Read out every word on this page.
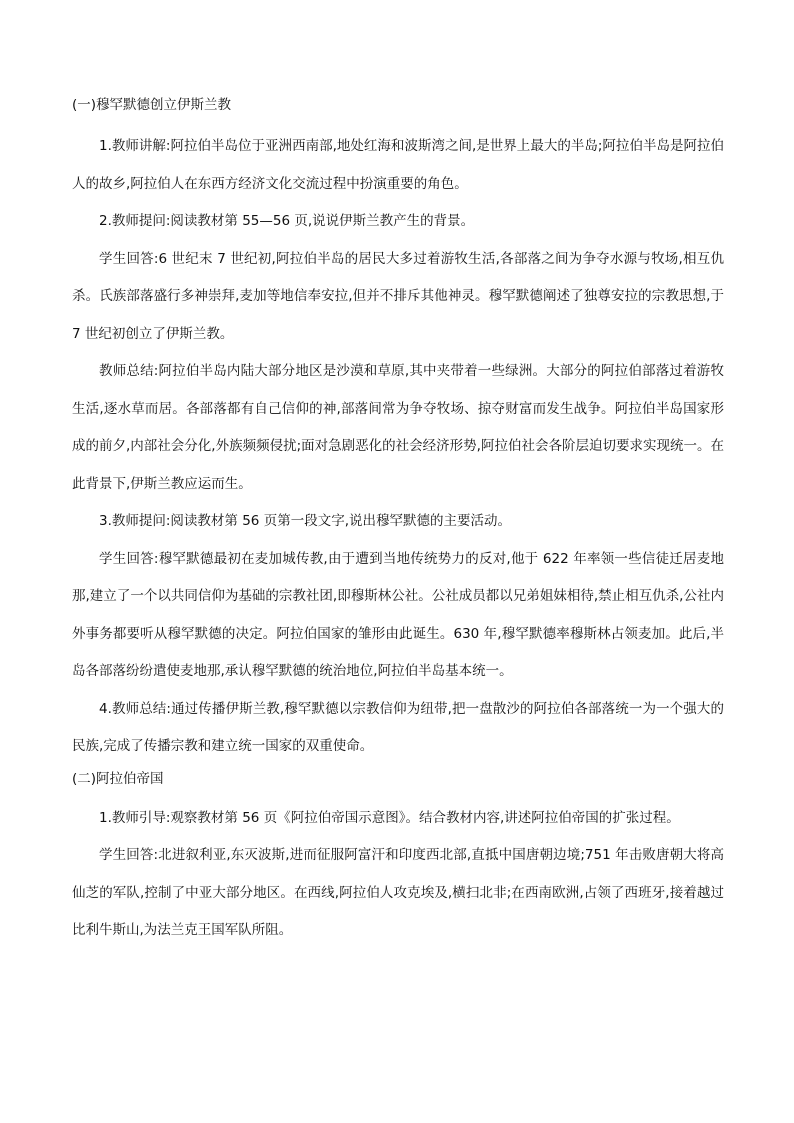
(一)穆罕默德创立伊斯兰教

1.教师讲解:阿拉伯半岛位于亚洲西南部,地处红海和波斯湾之间,是世界上最大的半岛;阿拉伯半岛是阿拉伯人的故乡,阿拉伯人在东西方经济文化交流过程中扮演重要的角色。

2.教师提问:阅读教材第 55—56 页,说说伊斯兰教产生的背景。

学生回答:6 世纪末 7 世纪初,阿拉伯半岛的居民大多过着游牧生活,各部落之间为争夺水源与牧场,相互仇杀。氏族部落盛行多神崇拜,麦加等地信奉安拉,但并不排斥其他神灵。穆罕默德阐述了独尊安拉的宗教思想,于 7 世纪初创立了伊斯兰教。

教师总结:阿拉伯半岛内陆大部分地区是沙漠和草原,其中夹带着一些绿洲。大部分的阿拉伯部落过着游牧生活,逐水草而居。各部落都有自己信仰的神,部落间常为争夺牧场、掠夺财富而发生战争。阿拉伯半岛国家形成的前夕,内部社会分化,外族频频侵扰;面对急剧恶化的社会经济形势,阿拉伯社会各阶层迫切要求实现统一。在此背景下,伊斯兰教应运而生。

3.教师提问:阅读教材第 56 页第一段文字,说出穆罕默德的主要活动。

学生回答:穆罕默德最初在麦加城传教,由于遭到当地传统势力的反对,他于 622 年率领一些信徒迁居麦地那,建立了一个以共同信仰为基础的宗教社团,即穆斯林公社。公社成员都以兄弟姐妹相待,禁止相互仇杀,公社内外事务都要听从穆罕默德的决定。阿拉伯国家的雏形由此诞生。630 年,穆罕默德率穆斯林占领麦加。此后,半岛各部落纷纷遣使麦地那,承认穆罕默德的统治地位,阿拉伯半岛基本统一。

4.教师总结:通过传播伊斯兰教,穆罕默德以宗教信仰为纽带,把一盘散沙的阿拉伯各部落统一为一个强大的民族,完成了传播宗教和建立统一国家的双重使命。

(二)阿拉伯帝国

1.教师引导:观察教材第 56 页《阿拉伯帝国示意图》。结合教材内容,讲述阿拉伯帝国的扩张过程。

学生回答:北进叙利亚,东灭波斯,进而征服阿富汗和印度西北部,直抵中国唐朝边境;751 年击败唐朝大将高仙芝的军队,控制了中亚大部分地区。在西线,阿拉伯人攻克埃及,横扫北非;在西南欧洲,占领了西班牙,接着越过比利牛斯山,为法兰克王国军队所阻。
